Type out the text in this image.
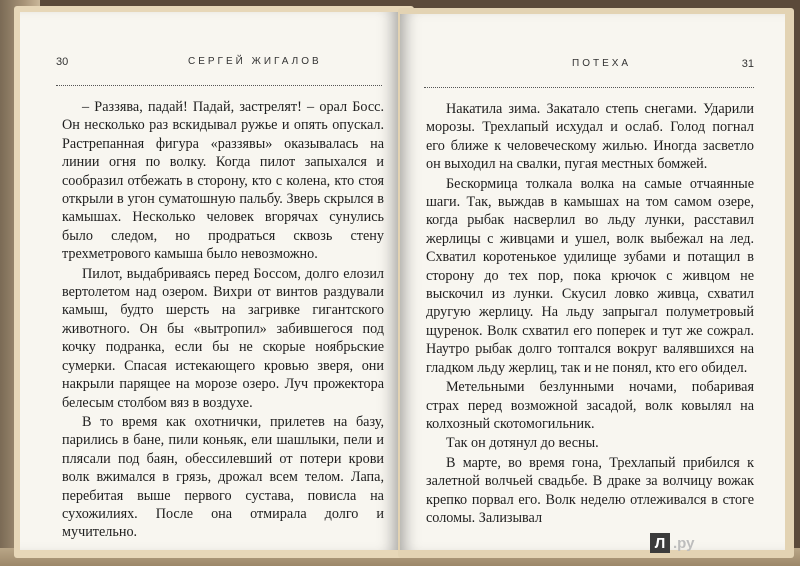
30	СЕРГЕЙ ЖИГАЛОВ

– Раззява, падай! Падай, застрелят! – орал Босс. Он несколько раз вскидывал ружье и опять опускал. Растрепанная фигура «раззявы» оказывалась на линии огня по волку. Когда пилот запыхался и сообразил отбежать в сторону, кто с колена, кто стоя открыли в угон суматошную пальбу. Зверь скрылся в камышах. Несколько человек вгорячах сунулись было следом, но продраться сквозь стену трехметрового камыша было невозможно.

Пилот, выдабриваясь перед Боссом, долго елозил вертолетом над озером. Вихри от винтов раздували камыш, будто шерсть на загривке гигантского животного. Он бы «вытропил» забившегося под кочку подранка, если бы не скорые ноябрьские сумерки. Спасая истекающего кровью зверя, они накрыли парящее на морозе озеро. Луч прожектора белесым столбом вяз в воздухе.

В то время как охотнички, прилетев на базу, парились в бане, пили коньяк, ели шашлыки, пели и плясали под баян, обессилевший от потери крови волк вжимался в грязь, дрожал всем телом. Лапа, перебитая выше первого сустава, повисла на сухожилиях. После она отмирала долго и мучительно.

ПОТЕХА	31

Накатила зима. Закатало степь снегами. Ударили морозы. Трехлапый исхудал и ослаб. Голод погнал его ближе к человеческому жилью. Иногда засветло он выходил на свалки, пугая местных бомжей.

Бескормица толкала волка на самые отчаянные шаги. Так, выждав в камышах на том самом озере, когда рыбак насверлил во льду лунки, расставил жерлицы с живцами и ушел, волк выбежал на лед. Схватил коротенькое удилище зубами и потащил в сторону до тех пор, пока крючок с живцом не выскочил из лунки. Скусил ловко живца, схватил другую жерлицу. На льду запрыгал полуметровый щуренок. Волк схватил его поперек и тут же сожрал. Наутро рыбак долго топтался вокруг валявшихся на гладком льду жерлиц, так и не понял, кто его обидел.

Метельными безлунными ночами, побаривая страх перед возможной засадой, волк ковылял на колхозный скотомогильник.

Так он дотянул до весны.

В марте, во время гона, Трехлапый прибился к залетной волчьей свадьбе. В драке за волчицу вожак крепко порвал его. Волк неделю отлеживался в стоге соломы. Зализывал

Л .ру
